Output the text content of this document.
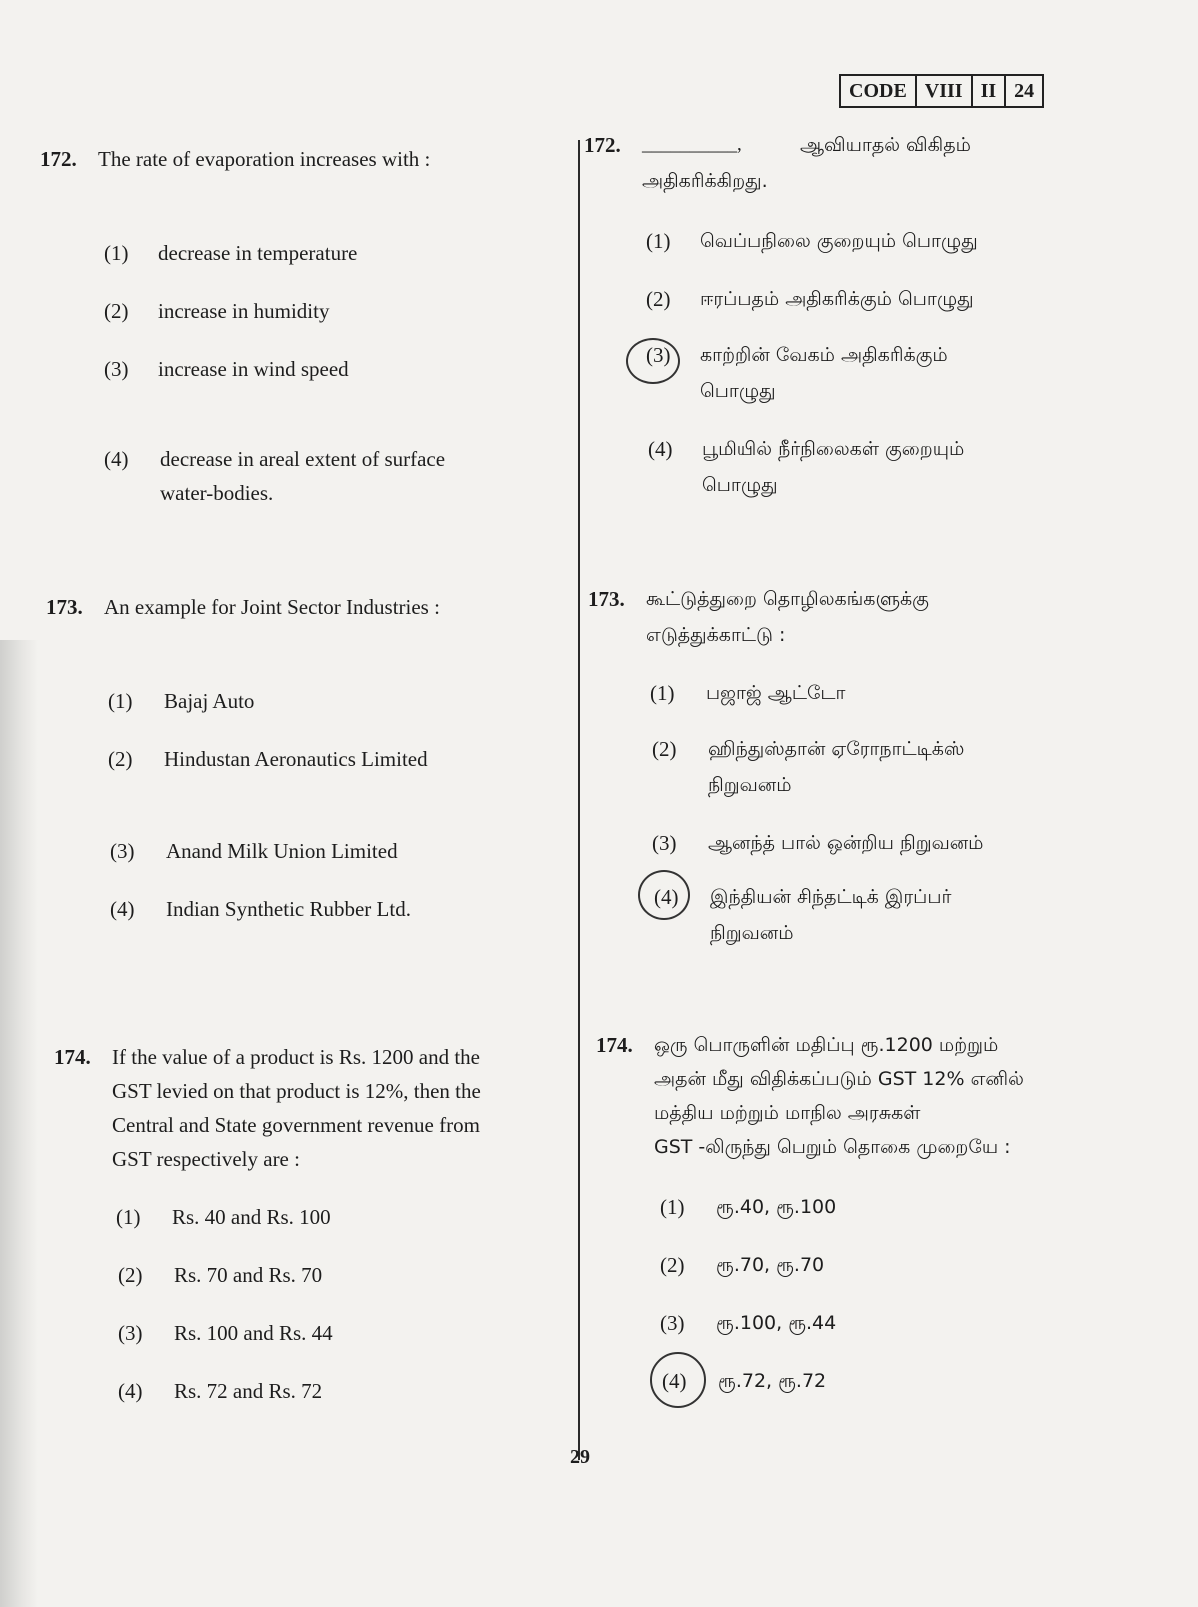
CODE VIII II 24
172. The rate of evaporation increases with :
(1) decrease in temperature
(2) increase in humidity
(3) increase in wind speed
(4) decrease in areal extent of surface
water-bodies.
173. An example for Joint Sector Industries :
(1) Bajaj Auto
(2) Hindustan Aeronautics Limited
(3) Anand Milk Union Limited
(4) Indian Synthetic Rubber Ltd.
174. If the value of a product is Rs. 1200 and the
GST levied on that product is 12%, then the
Central and State government revenue from
GST respectively are :
(1) Rs. 40 and Rs. 100
(2) Rs. 70 and Rs. 70
(3) Rs. 100 and Rs. 44
(4) Rs. 72 and Rs. 72
172. __________,	ஆவியாதல் விகிதம்
அதிகரிக்கிறது.
(1) வெப்பநிலை குறையும் பொழுது
(2) ஈரப்பதம் அதிகரிக்கும் பொழுது
(3) காற்றின் வேகம் அதிகரிக்கும்
பொழுது
(4) பூமியில் நீர்நிலைகள் குறையும்
பொழுது
173. கூட்டுத்துறை தொழிலகங்களுக்கு
எடுத்துக்காட்டு :
(1) பஜாஜ் ஆட்டோ
(2) ஹிந்துஸ்தான் ஏரோநாட்டிக்ஸ்
நிறுவனம்
(3) ஆனந்த் பால் ஒன்றிய நிறுவனம்
(4) இந்தியன் சிந்தட்டிக் இரப்பர்
நிறுவனம்
174. ஒரு பொருளின் மதிப்பு ரூ.1200 மற்றும்
அதன் மீது விதிக்கப்படும் GST 12% எனில்
மத்திய மற்றும் மாநில அரசுகள்
GST -லிருந்து பெறும் தொகை முறையே :
(1) ரூ.40, ரூ.100
(2) ரூ.70, ரூ.70
(3) ரூ.100, ரூ.44
(4) ரூ.72, ரூ.72
29
